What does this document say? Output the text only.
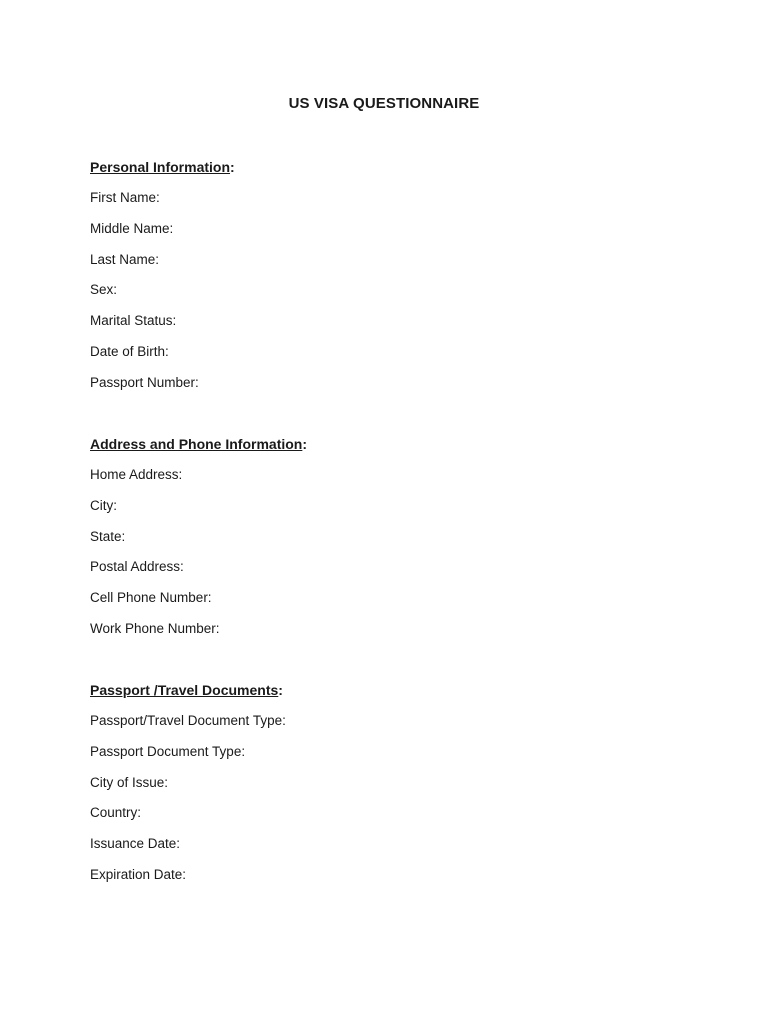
US VISA QUESTIONNAIRE
Personal Information:
First Name:
Middle Name:
Last Name:
Sex:
Marital Status:
Date of Birth:
Passport Number:
Address and Phone Information:
Home Address:
City:
State:
Postal Address:
Cell Phone Number:
Work Phone Number:
Passport /Travel Documents:
Passport/Travel Document Type:
Passport Document Type:
City of Issue:
Country:
Issuance Date:
Expiration Date:
